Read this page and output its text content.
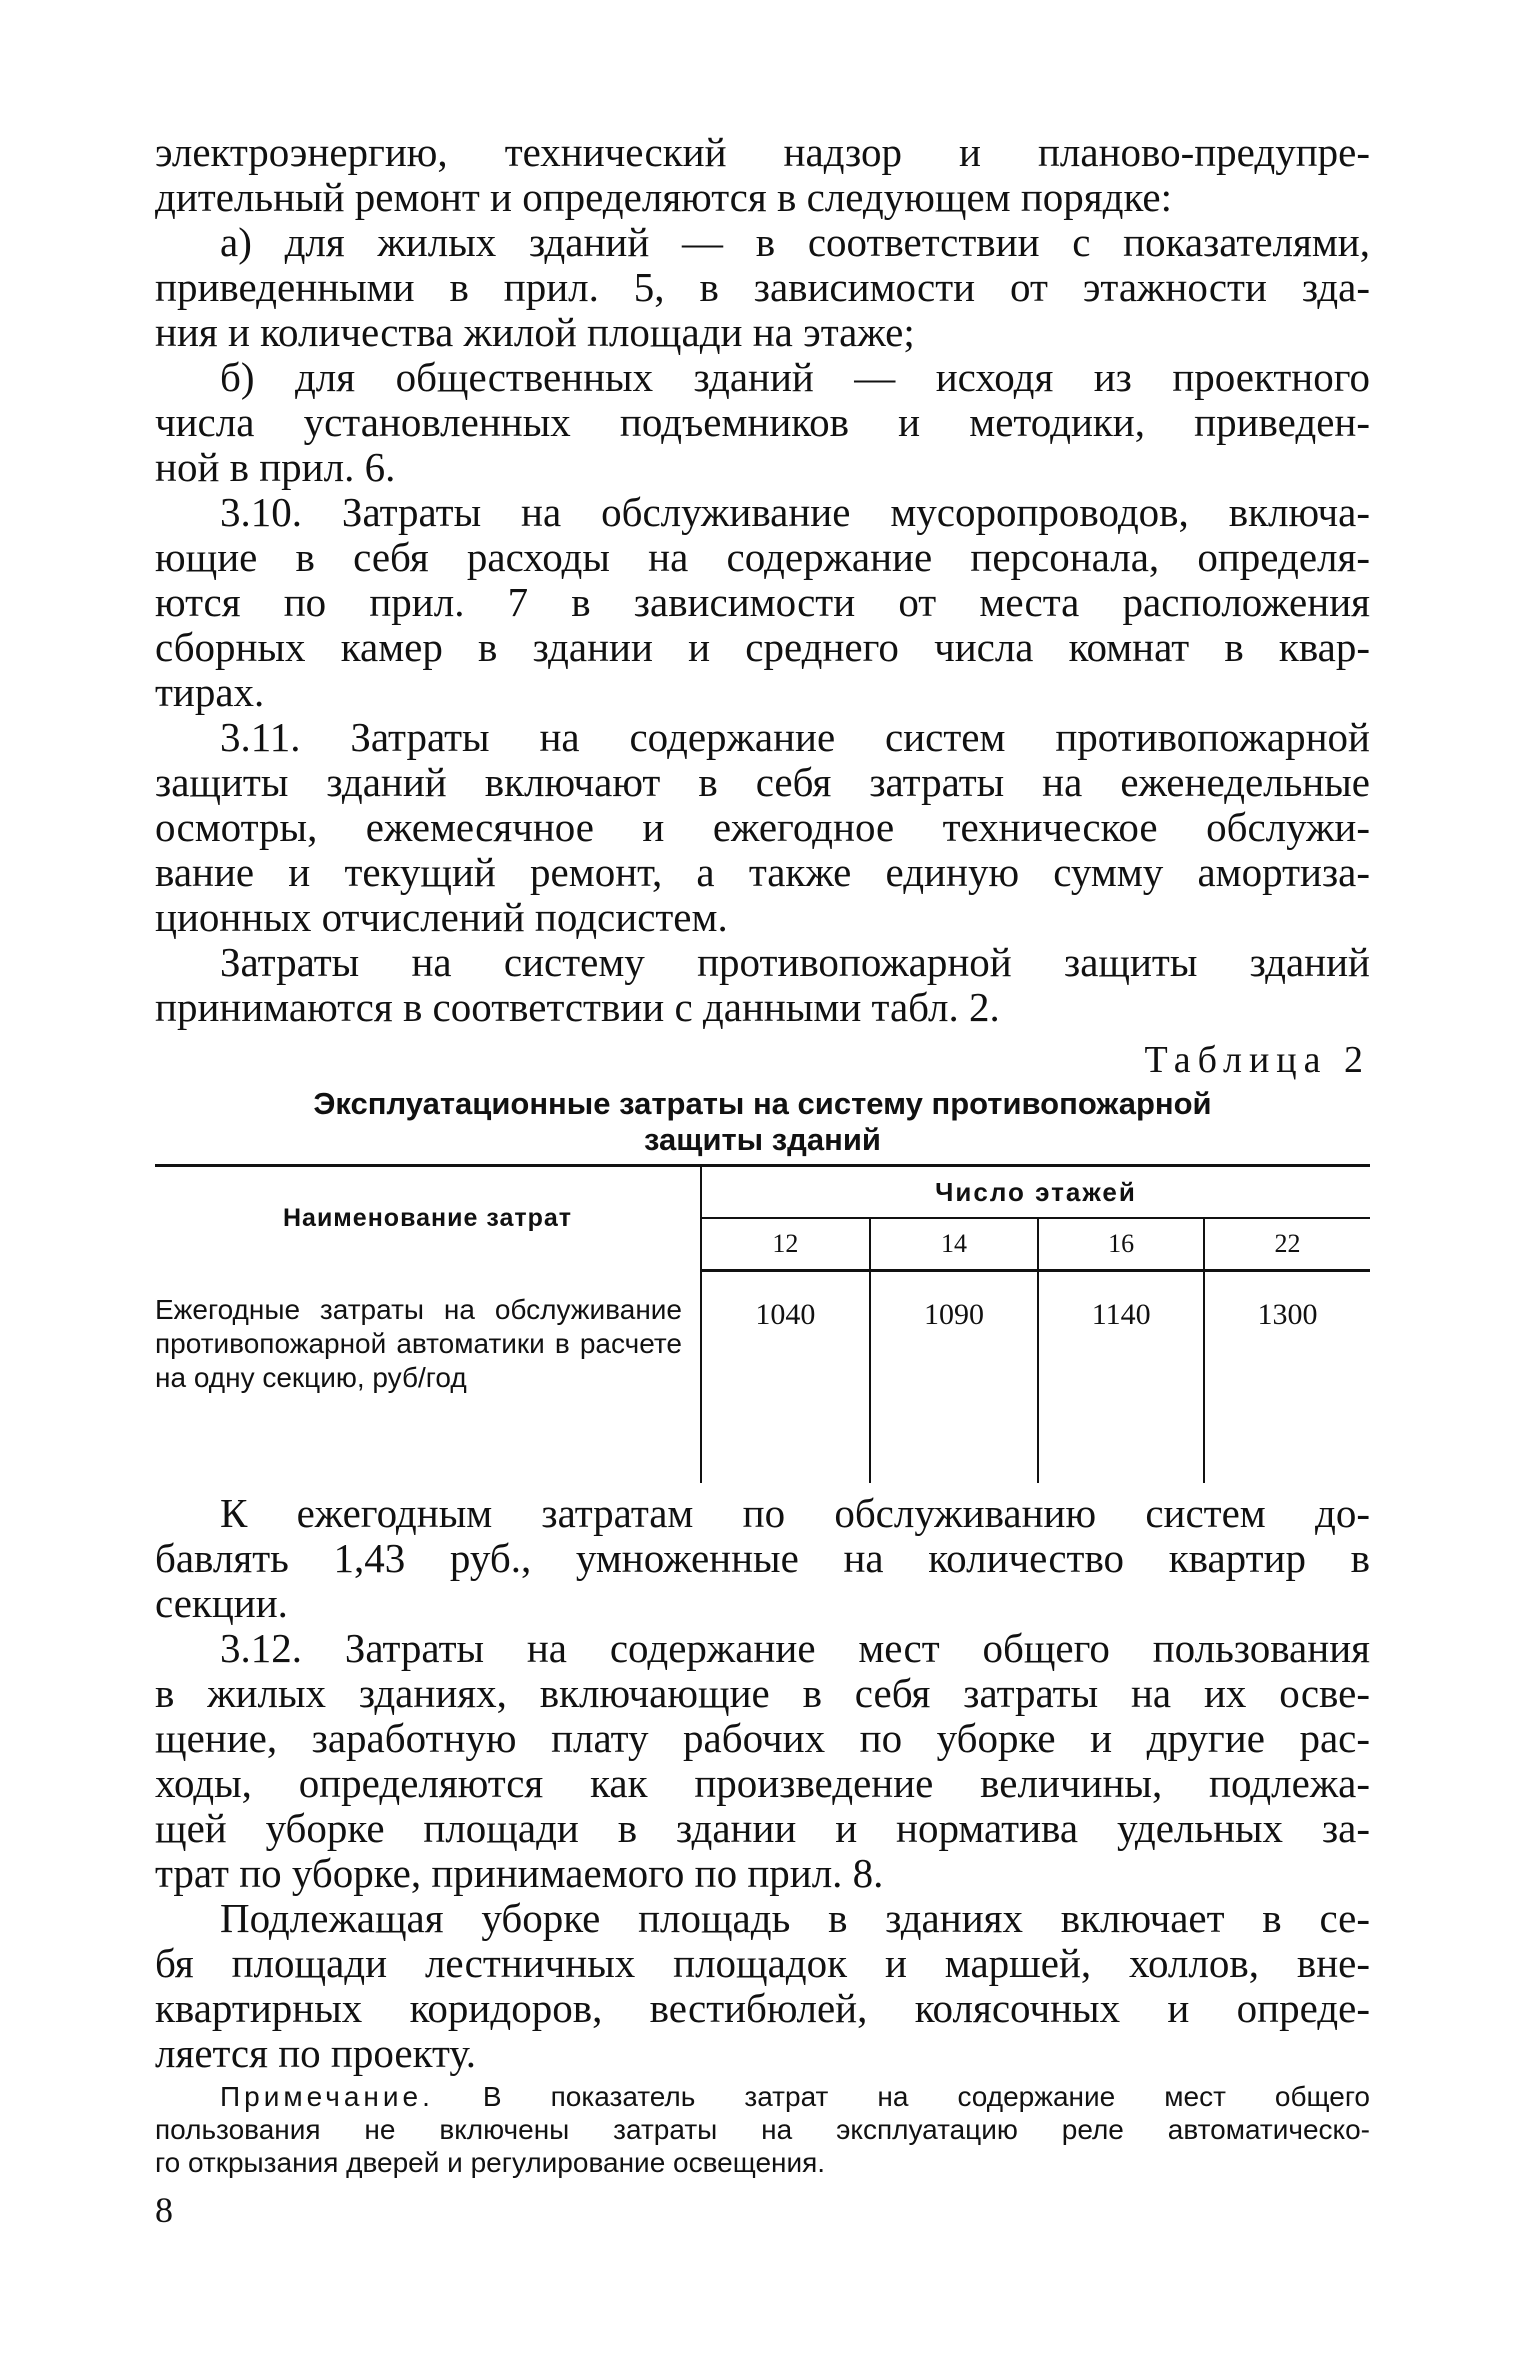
электроэнергию, технический надзор и планово-предупре-
дительный ремонт и определяются в следующем порядке:
а) для жилых зданий — в соответствии с показателями,
приведенными в прил. 5, в зависимости от этажности зда-
ния и количества жилой площади на этаже;
б) для общественных зданий — исходя из проектного
числа установленных подъемников и методики, приведен-
ной в прил. 6.
3.10. Затраты на обслуживание мусоропроводов, включа-
ющие в себя расходы на содержание персонала, определя-
ются по прил. 7 в зависимости от места расположения
сборных камер в здании и среднего числа комнат в квар-
тирах.
3.11. Затраты на содержание систем противопожарной
защиты зданий включают в себя затраты на еженедельные
осмотры, ежемесячное и ежегодное техническое обслужи-
вание и текущий ремонт, а также единую сумму амортиза-
ционных отчислений подсистем.
Затраты на систему противопожарной защиты зданий
принимаются в соответствии с данными табл. 2.
Таблица 2
Эксплуатационные затраты на систему противопожарной
защиты зданий
Наименование затрат	Число этажей			
	12	14	16	22
Ежегодные затраты на обслуживание противопожарной автоматики в расчете на одну секцию, руб/год	1040	1090	1140	1300
К ежегодным затратам по обслуживанию систем до-
бавлять 1,43 руб., умноженные на количество квартир в
секции.
3.12. Затраты на содержание мест общего пользования
в жилых зданиях, включающие в себя затраты на их осве-
щение, заработную плату рабочих по уборке и другие рас-
ходы, определяются как произведение величины, подлежа-
щей уборке площади в здании и норматива удельных за-
трат по уборке, принимаемого по прил. 8.
Подлежащая уборке площадь в зданиях включает в се-
бя площади лестничных площадок и маршей, холлов, вне-
квартирных коридоров, вестибюлей, колясочных и опреде-
ляется по проекту.
Примечание. В показатель затрат на содержание мест общего
пользования не включены затраты на эксплуатацию реле автоматическо-
го открызания дверей и регулирование освещения.
8
